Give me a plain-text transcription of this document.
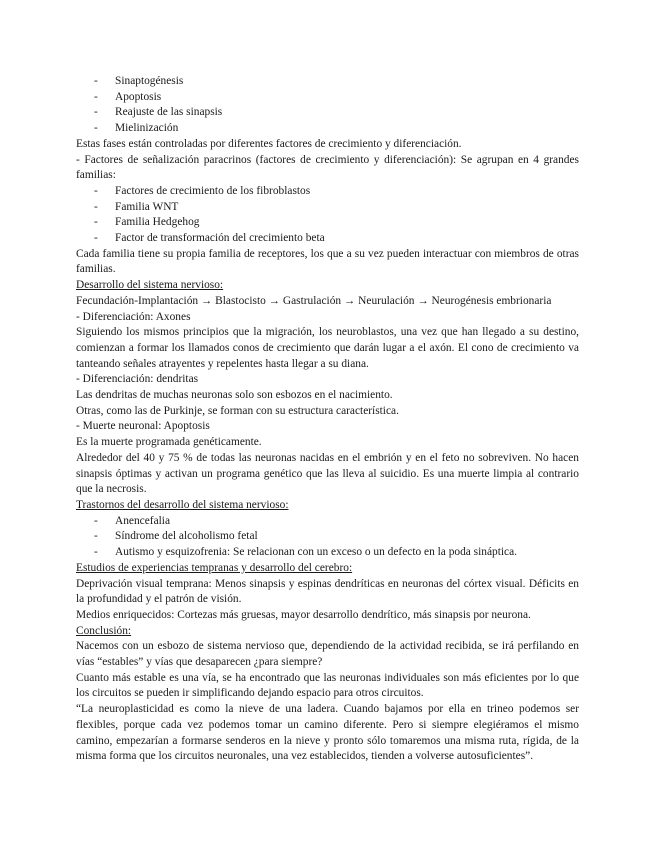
- Sinaptogénesis
- Apoptosis
- Reajuste de las sinapsis
- Mielinización

Estas fases están controladas por diferentes factores de crecimiento y diferenciación.

- Factores de señalización paracrinos (factores de crecimiento y diferenciación): Se agrupan en 4 grandes familias:

- Factores de crecimiento de los fibroblastos
- Familia WNT
- Familia Hedgehog
- Factor de transformación del crecimiento beta

Cada familia tiene su propia familia de receptores, los que a su vez pueden interactuar con miembros de otras familias.

Desarrollo del sistema nervioso:

Fecundación-Implantación → Blastocisto → Gastrulación → Neurulación → Neurogénesis embrionaria

- Diferenciación: Axones

Siguiendo los mismos principios que la migración, los neuroblastos, una vez que han llegado a su destino, comienzan a formar los llamados conos de crecimiento que darán lugar a el axón. El cono de crecimiento va tanteando señales atrayentes y repelentes hasta llegar a su diana.

- Diferenciación: dendritas

Las dendritas de muchas neuronas solo son esbozos en el nacimiento.

Otras, como las de Purkinje, se forman con su estructura característica.

- Muerte neuronal: Apoptosis

Es la muerte programada genéticamente.

Alrededor del 40 y 75 % de todas las neuronas nacidas en el embrión y en el feto no sobreviven. No hacen sinapsis óptimas y activan un programa genético que las lleva al suicidio. Es una muerte limpia al contrario que la necrosis.

Trastornos del desarrollo del sistema nervioso:

- Anencefalia
- Síndrome del alcoholismo fetal
- Autismo y esquizofrenia: Se relacionan con un exceso o un defecto en la poda sináptica.

Estudios de experiencias tempranas y desarrollo del cerebro:

Deprivación visual temprana: Menos sinapsis y espinas dendríticas en neuronas del córtex visual. Déficits en la profundidad y el patrón de visión.

Medios enriquecidos: Cortezas más gruesas, mayor desarrollo dendrítico, más sinapsis por neurona.

Conclusión:

Nacemos con un esbozo de sistema nervioso que, dependiendo de la actividad recibida, se irá perfilando en vías “estables” y vías que desaparecen ¿para siempre?

Cuanto más estable es una vía, se ha encontrado que las neuronas individuales son más eficientes por lo que los circuitos se pueden ir simplificando dejando espacio para otros circuitos.

“La neuroplasticidad es como la nieve de una ladera. Cuando bajamos por ella en trineo podemos ser flexibles, porque cada vez podemos tomar un camino diferente. Pero si siempre elegiéramos el mismo camino, empezarían a formarse senderos en la nieve y pronto sólo tomaremos una misma ruta, rígida, de la misma forma que los circuitos neuronales, una vez establecidos, tienden a volverse autosuficientes”.
